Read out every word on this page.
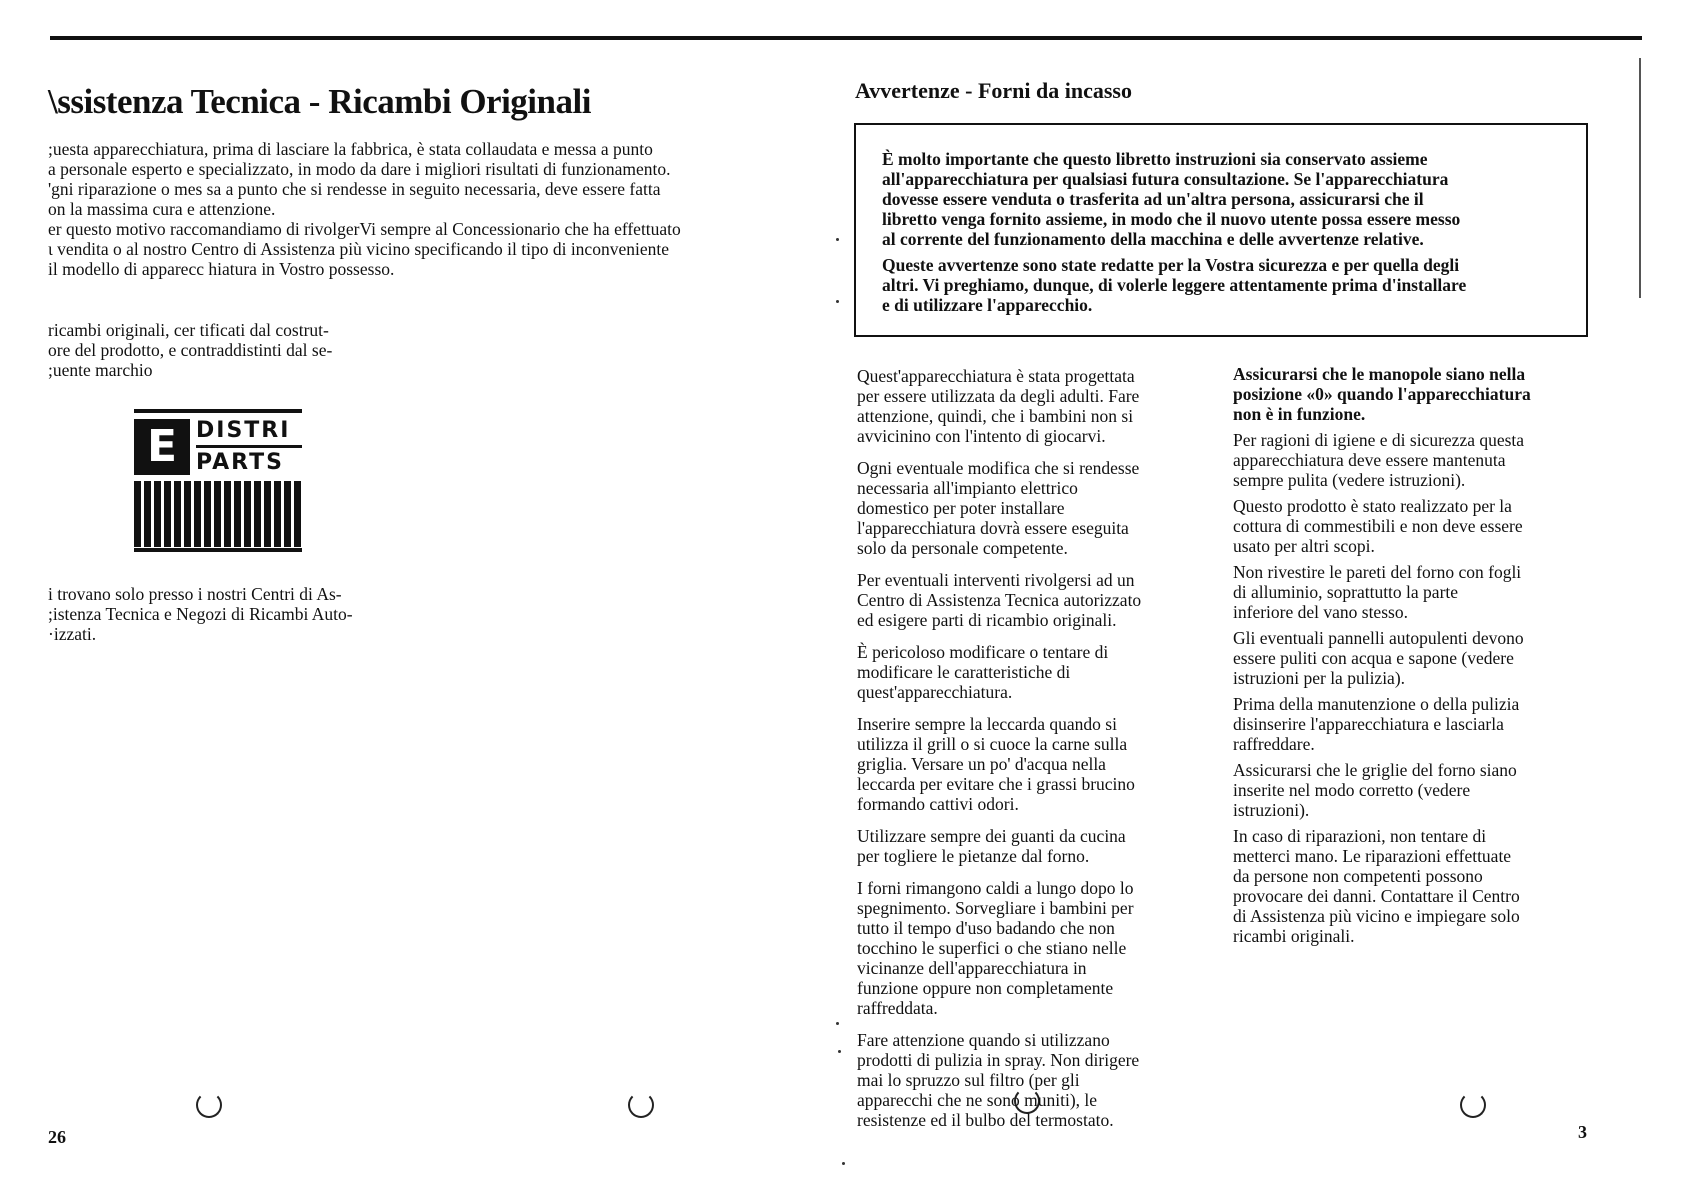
\ssistenza Tecnica - Ricambi Originali

;uesta apparecchiatura, prima di lasciare la fabbrica, è stata collaudata e messa a punto

a personale esperto e specializzato, in modo da dare i migliori risultati di funzionamento.

'gni riparazione o mes sa a punto che si rendesse in seguito necessaria, deve essere fatta

on la massima cura e attenzione.

er questo motivo raccomandiamo di rivolgerVi sempre al Concessionario che ha effettuato

ι vendita o al nostro Centro di Assistenza più vicino specificando il tipo di inconveniente

il modello di apparecc hiatura in Vostro possesso.

ricambi originali, cer tificati dal costrut-

ore del prodotto, e contraddistinti dal se-

;uente marchio

E DISTRI
PARTS

i trovano solo presso i nostri Centri di As-

;istenza Tecnica e Negozi di Ricambi Auto-

·izzati.

26
Avvertenze - Forni da incasso

È molto importante che questo libretto instruzioni sia conservato assieme
all'apparecchiatura per qualsiasi futura consultazione. Se l'apparecchiatura
dovesse essere venduta o trasferita ad un'altra persona, assicurarsi che il
libretto venga fornito assieme, in modo che il nuovo utente possa essere messo
al corrente del funzionamento della macchina e delle avvertenze relative.

Queste avvertenze sono state redatte per la Vostra sicurezza e per quella degli
altri. Vi preghiamo, dunque, di volerle leggere attentamente prima d'installare
e di utilizzare l'apparecchio.

Quest'apparecchiatura è stata progettata
per essere utilizzata da degli adulti. Fare
attenzione, quindi, che i bambini non si
avvicinino con l'intento di giocarvi.

Ogni eventuale modifica che si rendesse
necessaria all'impianto elettrico
domestico per poter installare
l'apparecchiatura dovrà essere eseguita
solo da personale competente.

Per eventuali interventi rivolgersi ad un
Centro di Assistenza Tecnica autorizzato
ed esigere parti di ricambio originali.

È pericoloso modificare o tentare di
modificare le caratteristiche di
quest'apparecchiatura.

Inserire sempre la leccarda quando si
utilizza il grill o si cuoce la carne sulla
griglia. Versare un po' d'acqua nella
leccarda per evitare che i grassi brucino
formando cattivi odori.

Utilizzare sempre dei guanti da cucina
per togliere le pietanze dal forno.

I forni rimangono caldi a lungo dopo lo
spegnimento. Sorvegliare i bambini per
tutto il tempo d'uso badando che non
tocchino le superfici o che stiano nelle
vicinanze dell'apparecchiatura in
funzione oppure non completamente
raffreddata.

Fare attenzione quando si utilizzano
prodotti di pulizia in spray. Non dirigere
mai lo spruzzo sul filtro (per gli
apparecchi che ne sono muniti), le
resistenze ed il bulbo del termostato.

Assicurarsi che le manopole siano nella
posizione «0» quando l'apparecchiatura
non è in funzione.

Per ragioni di igiene e di sicurezza questa
apparecchiatura deve essere mantenuta
sempre pulita (vedere istruzioni).

Questo prodotto è stato realizzato per la
cottura di commestibili e non deve essere
usato per altri scopi.

Non rivestire le pareti del forno con fogli
di alluminio, soprattutto la parte
inferiore del vano stesso.

Gli eventuali pannelli autopulenti devono
essere puliti con acqua e sapone (vedere
istruzioni per la pulizia).

Prima della manutenzione o della pulizia
disinserire l'apparecchiatura e lasciarla
raffreddare.

Assicurarsi che le griglie del forno siano
inserite nel modo corretto (vedere
istruzioni).

In caso di riparazioni, non tentare di
metterci mano. Le riparazioni effettuate
da persone non competenti possono
provocare dei danni. Contattare il Centro
di Assistenza più vicino e impiegare solo
ricambi originali.

3
